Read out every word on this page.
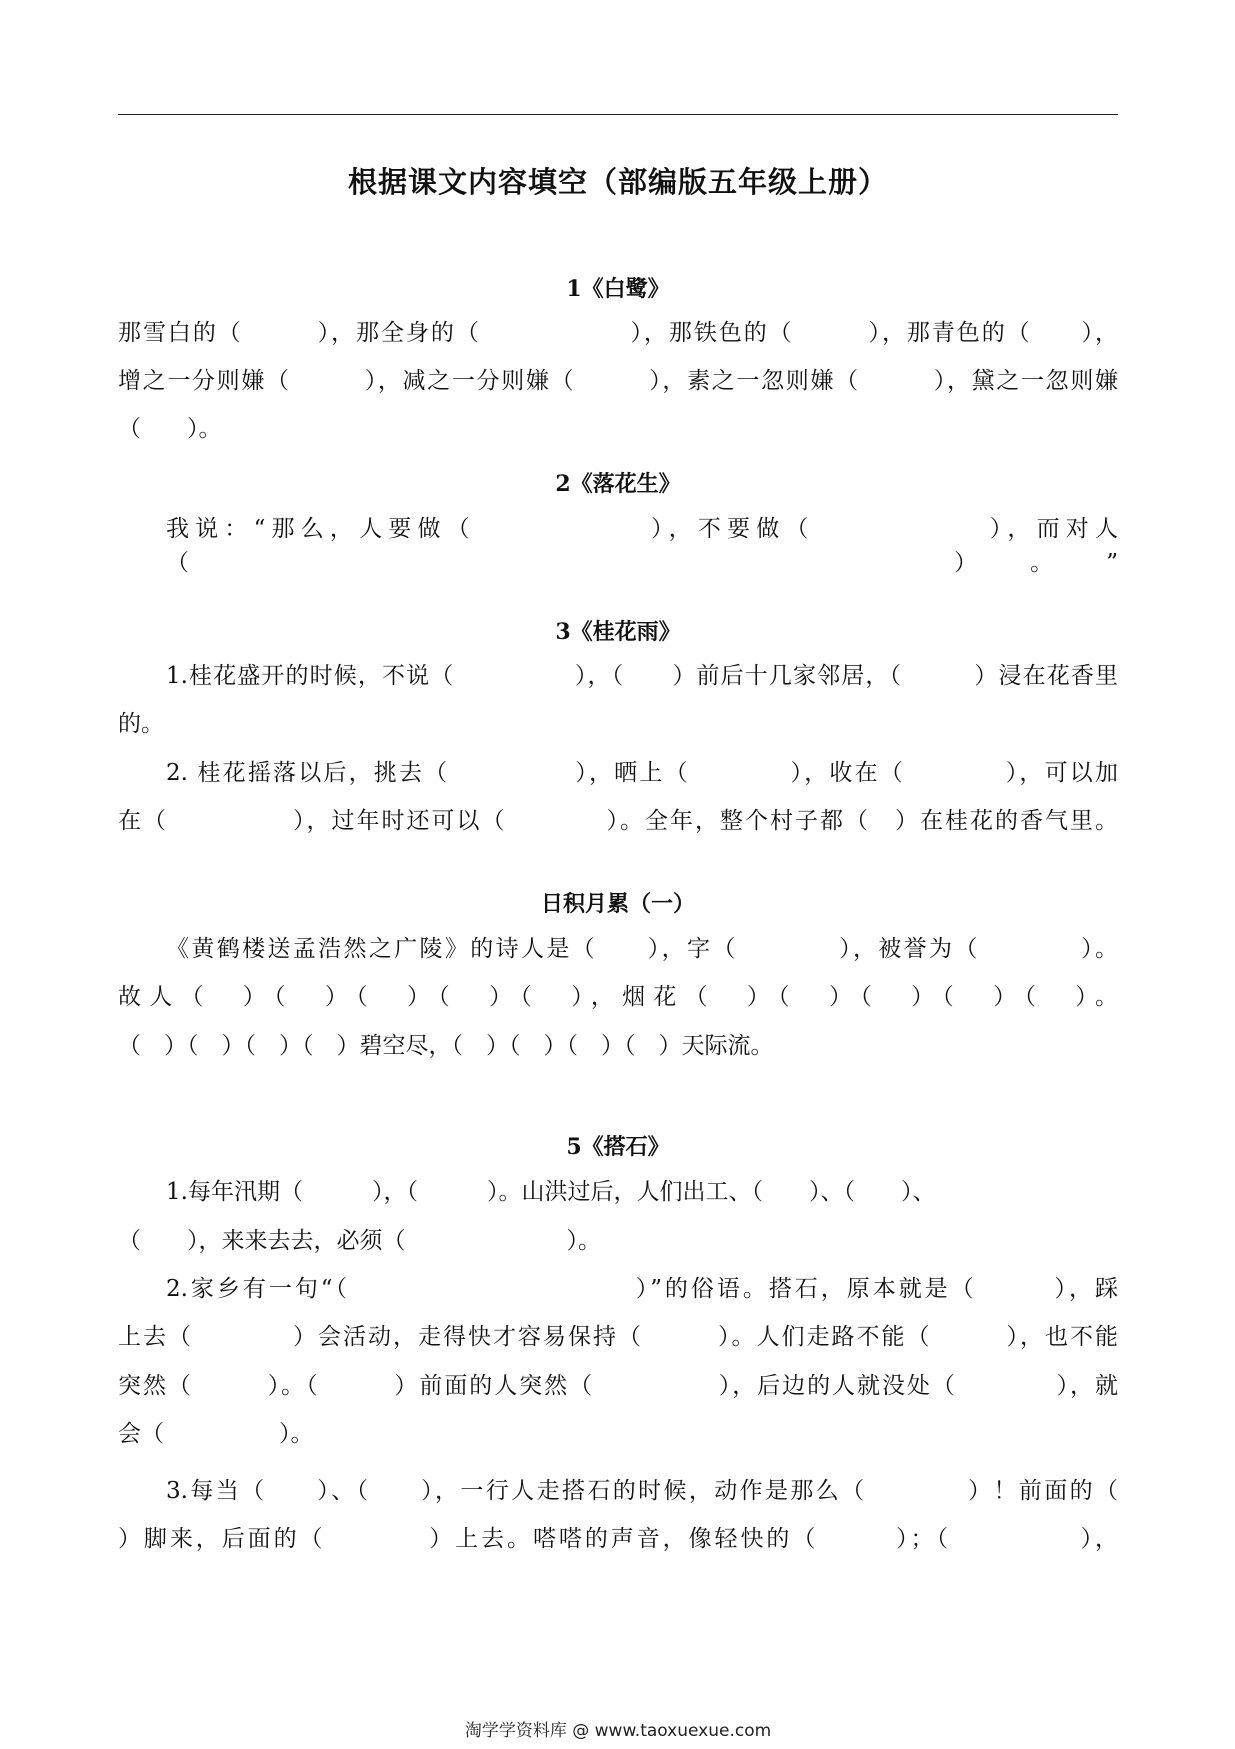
根据课文内容填空（部编版五年级上册）
1《白鹭》
那雪白的（　　　），那全身的（　　　　　　），那铁色的（　　　），那青色的（　　），
增之一分则嫌（　　　），减之一分则嫌（　　　），素之一忽则嫌（　　　），黛之一忽则嫌
（　　）。
2《落花生》
我说：“那么，人要做（　　　　　　），不要做（　　　　　　），而对人（　　　　　　　　）。”
3《桂花雨》
1.桂花盛开的时候，不说（　　　　　），（　　）前后十几家邻居，（　　　）浸在花香里
的。
2. 桂花摇落以后，挑去（　　　　　），晒上（　　　　），收在（　　　　），可以加
在（　　　　　），过年时还可以（　　　　）。全年，整个村子都（　）在桂花的香气里。
日积月累（一）
《黄鹤楼送孟浩然之广陵》的诗人是（　　），字（　　　　），被誉为（　　　　）。
故人（　）（　）（　）（　）（　），烟花（　）（　）（　）（　）（　）。
（　）（　）（　）（　）碧空尽，（　）（　）（　）（　）天际流。
5《搭石》
1.每年汛期（　　　），（　　　）。山洪过后，人们出工、（　　）、（　　）、
（　　），来来去去，必须（　　　　　　　）。
2.家乡有一句“（　　　　　　　　　　　）”的俗语。搭石，原本就是（　　　），踩
上去（　　　　）会活动，走得快才容易保持（　　　）。人们走路不能（　　　），也不能
突然（　　　）。（　　　）前面的人突然（　　　　　），后边的人就没处（　　　　），就
会（　　　　　）。
3.每当（　　）、（　　），一行人走搭石的时候，动作是那么（　　　　）！前面的（
）脚来，后面的（　　　　）上去。嗒嗒的声音，像轻快的（　　　）；（　　　　　），
淘学学资料库 @ www.taoxuexue.com
